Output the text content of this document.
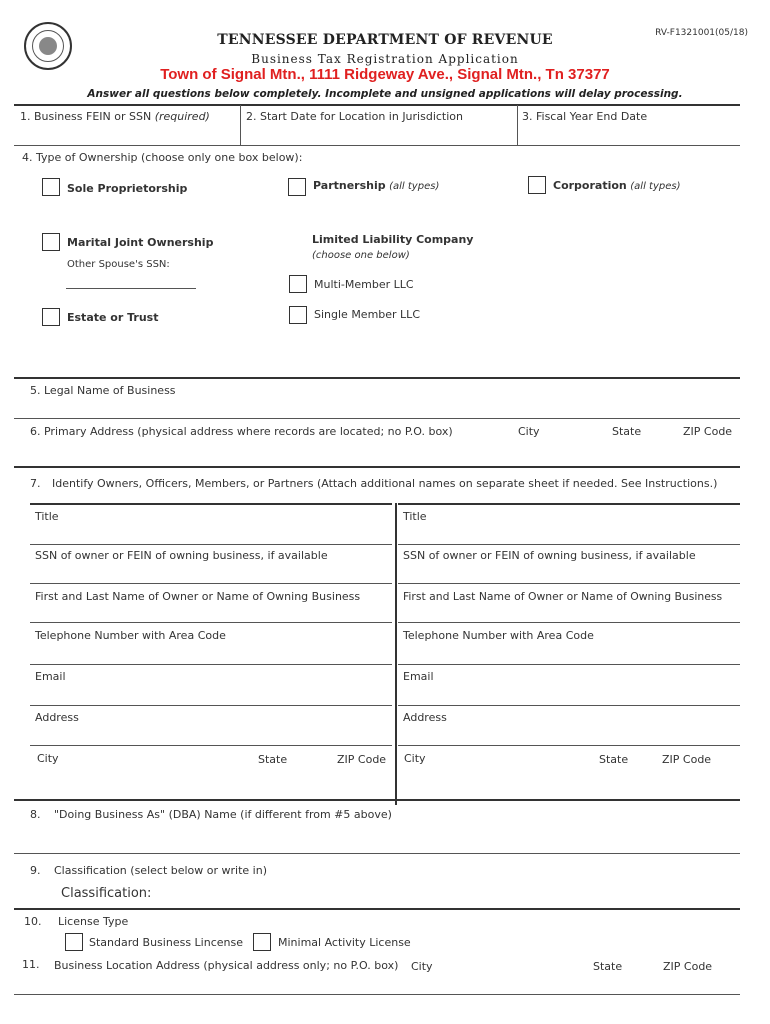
RV-F1321001(05/18)
TENNESSEE DEPARTMENT OF REVENUE
Business Tax Registration Application
Town of Signal Mtn., 1111 Ridgeway Ave., Signal Mtn., Tn 37377
Answer all questions below completely. Incomplete and unsigned applications will delay processing.
1. Business FEIN or SSN (required)	2. Start Date for Location in Jurisdiction	3. Fiscal Year End Date
4. Type of Ownership (choose only one box below):
Sole Proprietorship	Partnership (all types)	Corporation (all types)
Marital Joint Ownership
Other Spouse's SSN:
Limited Liability Company
(choose one below)
Multi-Member LLC
Single Member LLC
Estate or Trust
5. Legal Name of Business
6. Primary Address (physical address where records are located; no P.O. box)	City	State	ZIP Code
7. Identify Owners, Officers, Members, or Partners (Attach additional names on separate sheet if needed. See Instructions.)
Title	Title
SSN of owner or FEIN of owning business, if available	SSN of owner or FEIN of owning business, if available
First and Last Name of Owner or Name of Owning Business	First and Last Name of Owner or Name of Owning Business
Telephone Number with Area Code	Telephone Number with Area Code
Email	Email
Address	Address
City	State	ZIP Code City	State	ZIP Code
8. "Doing Business As" (DBA) Name (if different from #5 above)
9. Classification (select below or write in)
Classification:
10. License Type
Standard Business Lincense	Minimal Activity License
11. Business Location Address (physical address only; no P.O. box) City	State	ZIP Code
